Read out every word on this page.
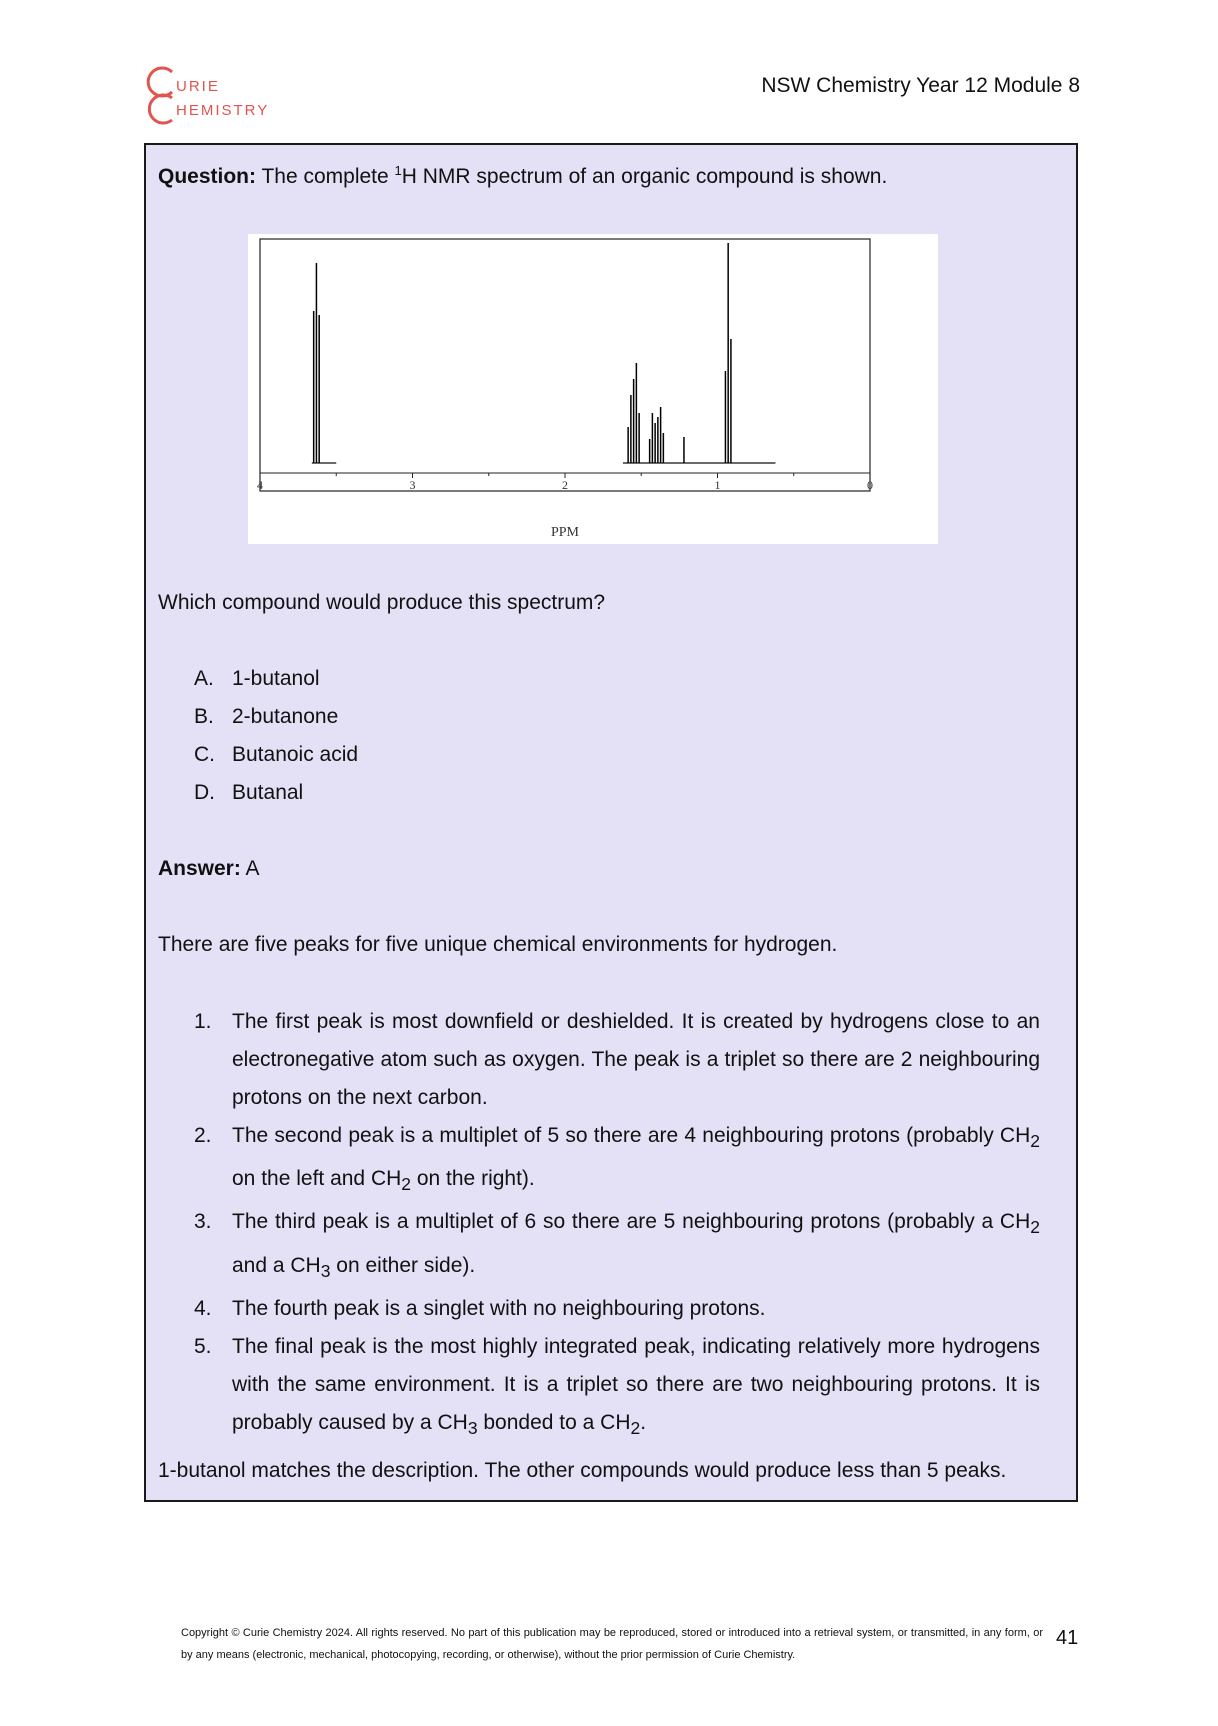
URIE
HEMISTRY
NSW Chemistry Year 12 Module 8
Question: The complete $^1$H NMR spectrum of an organic compound is shown.
4	3	2	1	0
PPM
Which compound would produce this spectrum?
A. 1-butanol
B. 2-butanone
C. Butanoic acid
D. Butanal
Answer: A
There are five peaks for five unique chemical environments for hydrogen.
1. The first peak is most downfield or deshielded. It is created by hydrogens close to an electronegative atom such as oxygen. The peak is a triplet so there are 2 neighbouring protons on the next carbon.
2. The second peak is a multiplet of 5 so there are 4 neighbouring protons (probably $CH_2$ on the left and $CH_2$ on the right).
3. The third peak is a multiplet of 6 so there are 5 neighbouring protons (probably a $CH_2$ and a $CH_3$ on either side).
4. The fourth peak is a singlet with no neighbouring protons.
5. The final peak is the most highly integrated peak, indicating relatively more hydrogens with the same environment. It is a triplet so there are two neighbouring protons. It is probably caused by a $CH_3$ bonded to a $CH_2$.
1-butanol matches the description. The other compounds would produce less than 5 peaks.
Copyright © Curie Chemistry 2024. All rights reserved. No part of this publication may be reproduced, stored or introduced into a retrieval system, or transmitted, in any form, or by any means (electronic, mechanical, photocopying, recording, or otherwise), without the prior permission of Curie Chemistry.
41
